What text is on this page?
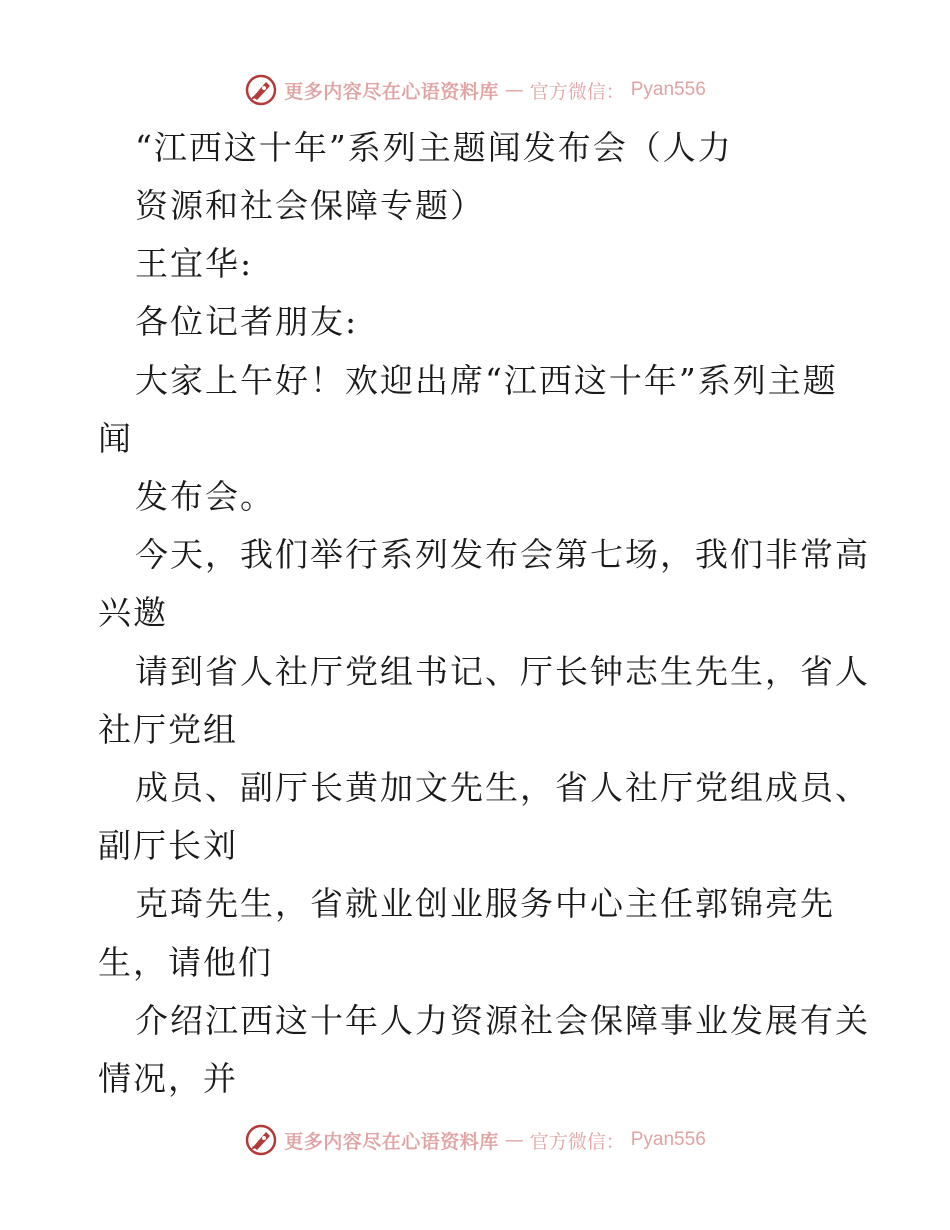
更多内容尽在心语资料库 — 官方微信： Pyan556
“江西这十年”系列主题闻发布会（人力
资源和社会保障专题）
王宜华:
各位记者朋友:
大家上午好！欢迎出席“江西这十年”系列主题
闻
发布会。
今天，我们举行系列发布会第七场，我们非常高
兴邀
请到省人社厅党组书记、厅长钟志生先生，省人
社厅党组
成员、副厅长黄加文先生，省人社厅党组成员、
副厅长刘
克琦先生，省就业创业服务中心主任郭锦亮先
生，请他们
介绍江西这十年人力资源社会保障事业发展有关
情况，并
更多内容尽在心语资料库 — 官方微信： Pyan556
